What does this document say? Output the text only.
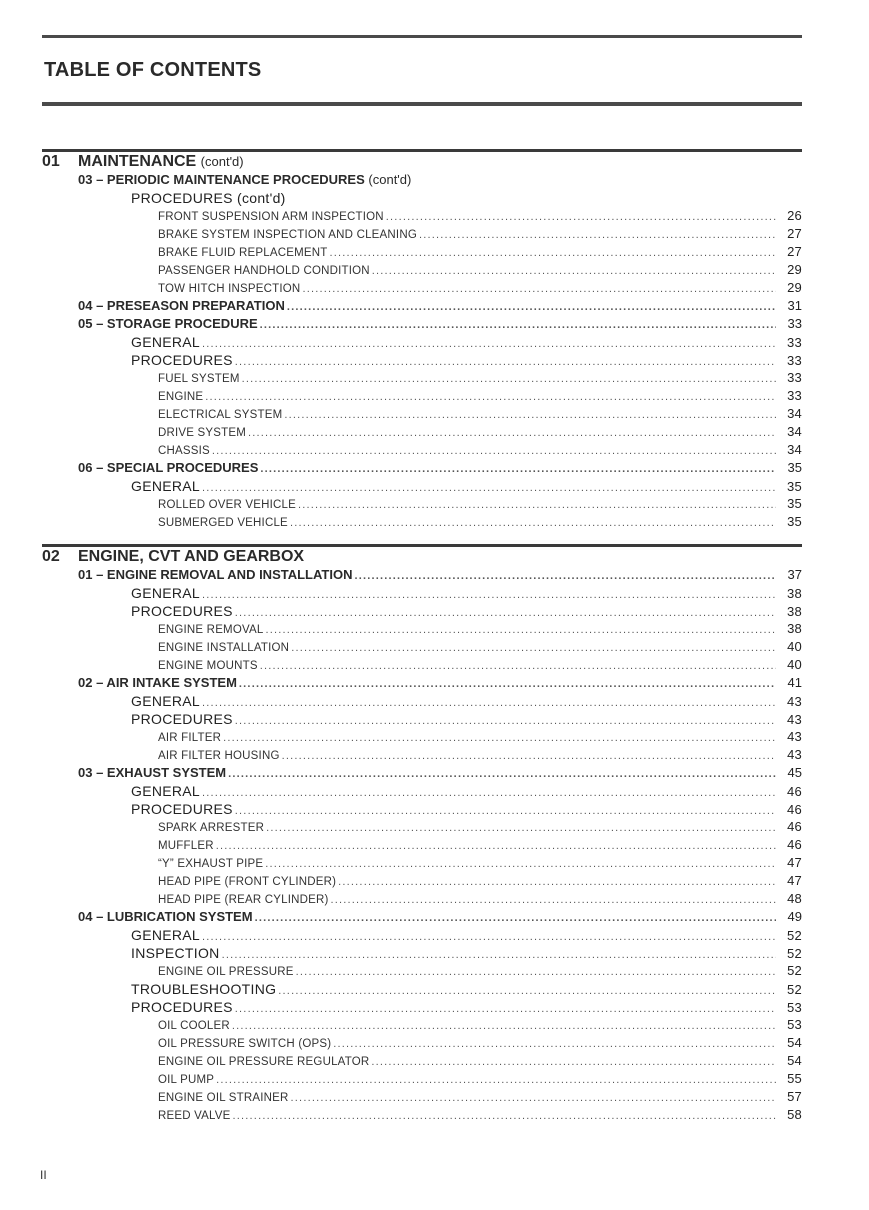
TABLE OF CONTENTS
01 MAINTENANCE (cont'd)
03 – PERIODIC MAINTENANCE PROCEDURES (cont'd)
PROCEDURES (cont'd)
FRONT SUSPENSION ARM INSPECTION .....	26
BRAKE SYSTEM INSPECTION AND CLEANING .....	27
BRAKE FLUID REPLACEMENT .....	27
PASSENGER HANDHOLD CONDITION .....	29
TOW HITCH INSPECTION .....	29
04 – PRESEASON PREPARATION .....	31
05 – STORAGE PROCEDURE .....	33
GENERAL .....	33
PROCEDURES .....	33
FUEL SYSTEM .....	33
ENGINE .....	33
ELECTRICAL SYSTEM .....	34
DRIVE SYSTEM .....	34
CHASSIS .....	34
06 – SPECIAL PROCEDURES .....	35
GENERAL .....	35
ROLLED OVER VEHICLE .....	35
SUBMERGED VEHICLE .....	35
02 ENGINE, CVT AND GEARBOX
01 – ENGINE REMOVAL AND INSTALLATION .....	37
GENERAL .....	38
PROCEDURES .....	38
ENGINE REMOVAL .....	38
ENGINE INSTALLATION .....	40
ENGINE MOUNTS .....	40
02 – AIR INTAKE SYSTEM .....	41
GENERAL .....	43
PROCEDURES .....	43
AIR FILTER .....	43
AIR FILTER HOUSING .....	43
03 – EXHAUST SYSTEM .....	45
GENERAL .....	46
PROCEDURES .....	46
SPARK ARRESTER .....	46
MUFFLER .....	46
“Y” EXHAUST PIPE .....	47
HEAD PIPE (FRONT CYLINDER) .....	47
HEAD PIPE (REAR CYLINDER) .....	48
04 – LUBRICATION SYSTEM .....	49
GENERAL .....	52
INSPECTION .....	52
ENGINE OIL PRESSURE .....	52
TROUBLESHOOTING .....	52
PROCEDURES .....	53
OIL COOLER .....	53
OIL PRESSURE SWITCH (OPS) .....	54
ENGINE OIL PRESSURE REGULATOR .....	54
OIL PUMP .....	55
ENGINE OIL STRAINER .....	57
REED VALVE .....	58
II
